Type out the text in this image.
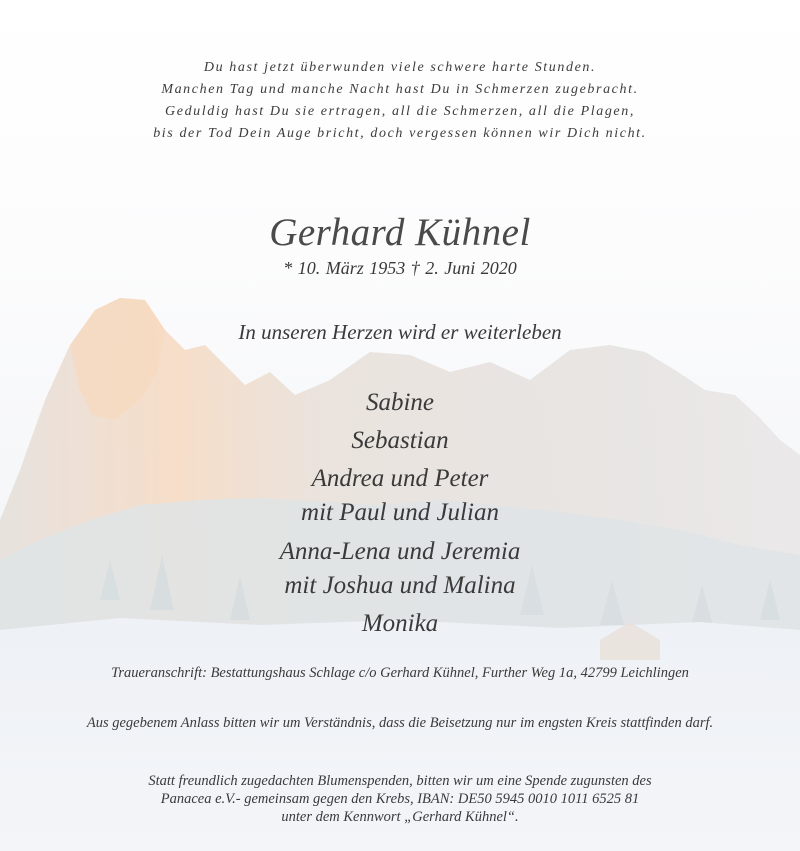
Du hast jetzt überwunden viele schwere harte Stunden.
Manchen Tag und manche Nacht hast Du in Schmerzen zugebracht.
Geduldig hast Du sie ertragen, all die Schmerzen, all die Plagen,
bis der Tod Dein Auge bricht, doch vergessen können wir Dich nicht.
Gerhard Kühnel
* 10. März 1953 † 2. Juni 2020
In unseren Herzen wird er weiterleben
Sabine
Sebastian
Andrea und Peter
mit Paul und Julian
Anna-Lena und Jeremia
mit Joshua und Malina
Monika
Traueranschrift: Bestattungshaus Schlage c/o Gerhard Kühnel, Further Weg 1a, 42799 Leichlingen
Aus gegebenem Anlass bitten wir um Verständnis, dass die Beisetzung nur im engsten Kreis stattfinden darf.
Statt freundlich zugedachten Blumenspenden, bitten wir um eine Spende zugunsten des
Panacea e.V.- gemeinsam gegen den Krebs, IBAN: DE50 5945 0010 1011 6525 81
unter dem Kennwort „Gerhard Kühnel“.
